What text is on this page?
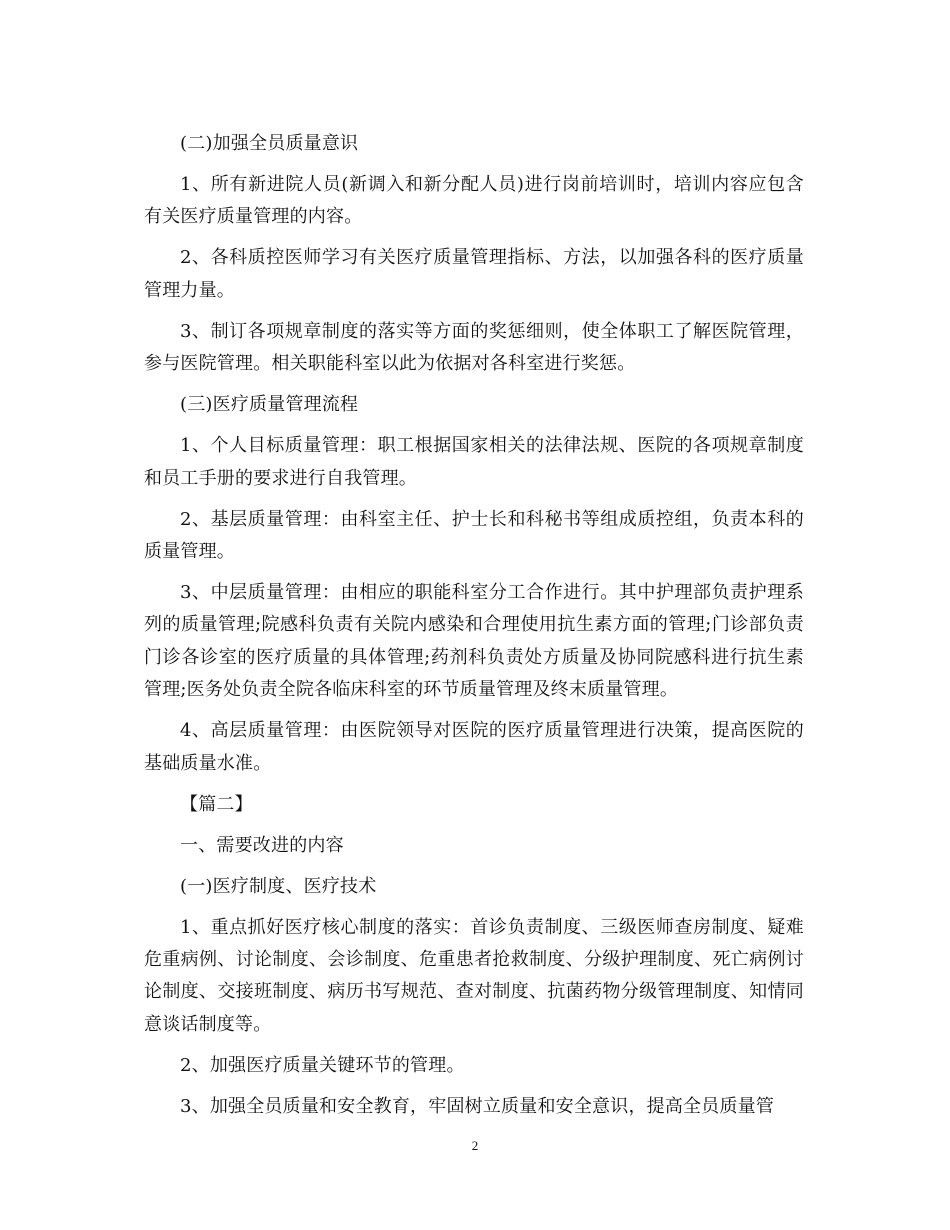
(二)加强全员质量意识

1、所有新进院人员(新调入和新分配人员)进行岗前培训时，培训内容应包含有关医疗质量管理的内容。

2、各科质控医师学习有关医疗质量管理指标、方法，以加强各科的医疗质量管理力量。

3、制订各项规章制度的落实等方面的奖惩细则，使全体职工了解医院管理，参与医院管理。相关职能科室以此为依据对各科室进行奖惩。

(三)医疗质量管理流程

1、个人目标质量管理：职工根据国家相关的法律法规、医院的各项规章制度和员工手册的要求进行自我管理。

2、基层质量管理：由科室主任、护士长和科秘书等组成质控组，负责本科的质量管理。

3、中层质量管理：由相应的职能科室分工合作进行。其中护理部负责护理系列的质量管理;院感科负责有关院内感染和合理使用抗生素方面的管理;门诊部负责门诊各诊室的医疗质量的具体管理;药剂科负责处方质量及协同院感科进行抗生素管理;医务处负责全院各临床科室的环节质量管理及终末质量管理。

4、高层质量管理：由医院领导对医院的医疗质量管理进行决策，提高医院的基础质量水准。

【篇二】

一、需要改进的内容

(一)医疗制度、医疗技术

1、重点抓好医疗核心制度的落实：首诊负责制度、三级医师查房制度、疑难危重病例、讨论制度、会诊制度、危重患者抢救制度、分级护理制度、死亡病例讨论制度、交接班制度、病历书写规范、查对制度、抗菌药物分级管理制度、知情同意谈话制度等。

2、加强医疗质量关键环节的管理。

3、加强全员质量和安全教育，牢固树立质量和安全意识，提高全员质量管

2
